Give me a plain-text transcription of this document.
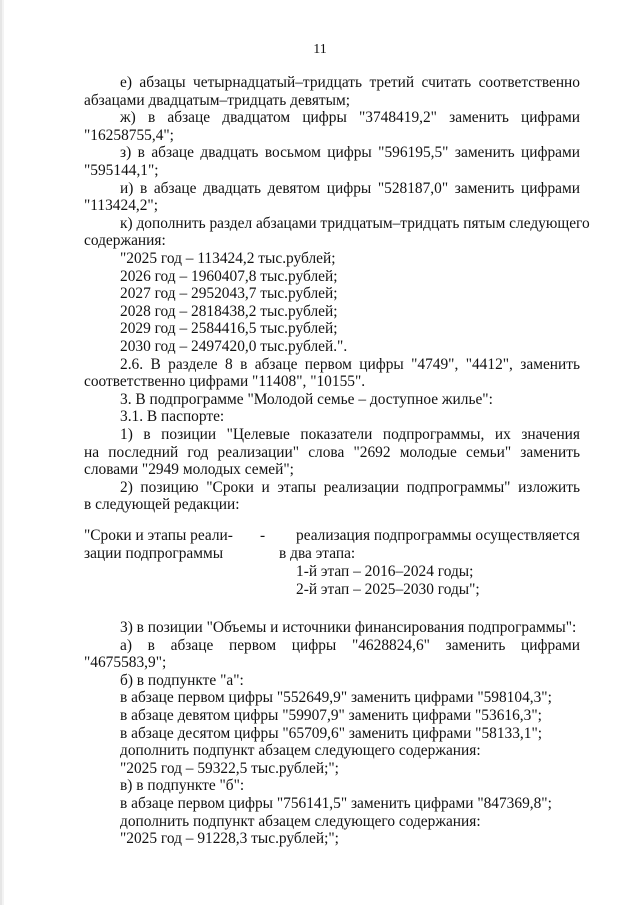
11
е) абзацы четырнадцатый–тридцать третий считать соответственно
абзацами двадцатым–тридцать девятым;
ж) в абзаце двадцатом цифры "3748419,2" заменить цифрами
"16258755,4";
з) в абзаце двадцать восьмом цифры "596195,5" заменить цифрами
"595144,1";
и) в абзаце двадцать девятом цифры "528187,0" заменить цифрами
"113424,2";
к) дополнить раздел абзацами тридцатым–тридцать пятым следующего
содержания:
"2025 год – 113424,2 тыс.рублей;
2026 год – 1960407,8 тыс.рублей;
2027 год – 2952043,7 тыс.рублей;
2028 год – 2818438,2 тыс.рублей;
2029 год – 2584416,5 тыс.рублей;
2030 год – 2497420,0 тыс.рублей.".
2.6. В разделе 8 в абзаце первом цифры "4749", "4412", заменить
соответственно цифрами "11408", "10155".
3. В подпрограмме "Молодой семье – доступное жилье":
3.1. В паспорте:
1) в позиции "Целевые показатели подпрограммы, их значения
на последний год реализации" слова "2692 молодые семьи" заменить
словами "2949 молодых семей";
2) позицию "Сроки и этапы реализации подпрограммы" изложить
в следующей редакции:
"Сроки и этапы реали-
зации подпрограммы
- реализация подпрограммы осуществляется
в два этапа:
1-й этап – 2016–2024 годы;
2-й этап – 2025–2030 годы";
3) в позиции "Объемы и источники финансирования подпрограммы":
а) в абзаце первом цифры "4628824,6" заменить цифрами
"4675583,9";
б) в подпункте "а":
в абзаце первом цифры "552649,9" заменить цифрами "598104,3";
в абзаце девятом цифры "59907,9" заменить цифрами "53616,3";
в абзаце десятом цифры "65709,6" заменить цифрами "58133,1";
дополнить подпункт абзацем следующего содержания:
"2025 год – 59322,5 тыс.рублей;";
в) в подпункте "б":
в абзаце первом цифры "756141,5" заменить цифрами "847369,8";
дополнить подпункт абзацем следующего содержания:
"2025 год – 91228,3 тыс.рублей;";
